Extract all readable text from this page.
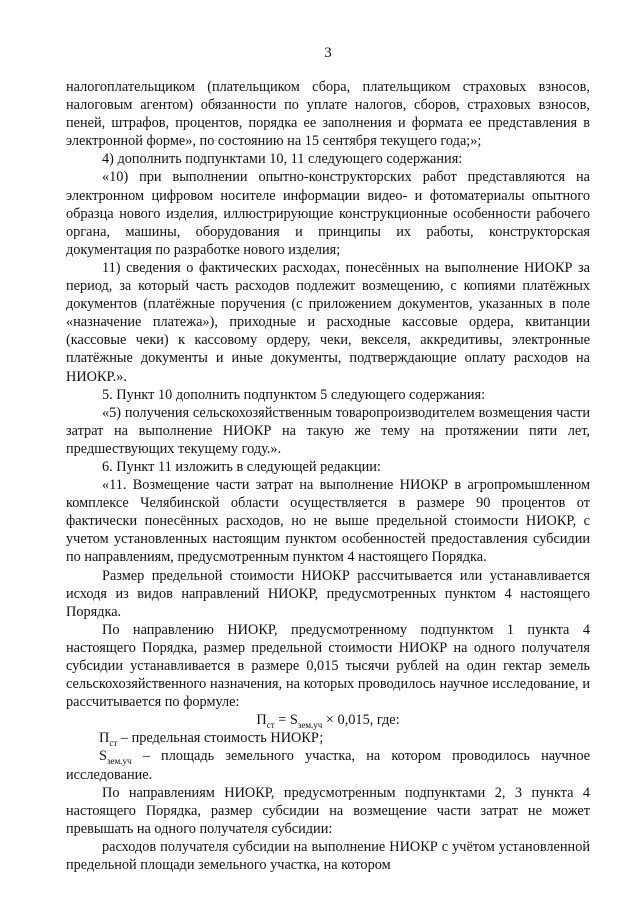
3

налогоплательщиком (плательщиком сбора, плательщиком страховых взносов, налоговым агентом) обязанности по уплате налогов, сборов, страховых взносов, пеней, штрафов, процентов, порядка ее заполнения и формата ее представления в электронной форме», по состоянию на 15 сентября текущего года;»;

4) дополнить подпунктами 10, 11 следующего содержания:

«10) при выполнении опытно-конструкторских работ представляются на электронном цифровом носителе информации видео- и фотоматериалы опытного образца нового изделия, иллюстрирующие конструкционные особенности рабочего органа, машины, оборудования и принципы их работы, конструкторская документация по разработке нового изделия;

11) сведения о фактических расходах, понесённых на выполнение НИОКР за период, за который часть расходов подлежит возмещению, с копиями платёжных документов (платёжные поручения (с приложением документов, указанных в поле «назначение платежа»), приходные и расходные кассовые ордера, квитанции (кассовые чеки) к кассовому ордеру, чеки, векселя, аккредитивы, электронные платёжные документы и иные документы, подтверждающие оплату расходов на НИОКР.».

5. Пункт 10 дополнить подпунктом 5 следующего содержания:

«5) получения сельскохозяйственным товаропроизводителем возмещения части затрат на выполнение НИОКР на такую же тему на протяжении пяти лет, предшествующих текущему году.».

6. Пункт 11 изложить в следующей редакции:

«11. Возмещение части затрат на выполнение НИОКР в агропромышленном комплексе Челябинской области осуществляется в размере 90 процентов от фактически понесённых расходов, но не выше предельной стоимости НИОКР, с учетом установленных настоящим пунктом особенностей предоставления субсидии по направлениям, предусмотренным пунктом 4 настоящего Порядка.

Размер предельной стоимости НИОКР рассчитывается или устанавливается исходя из видов направлений НИОКР, предусмотренных пунктом 4 настоящего Порядка.

По направлению НИОКР, предусмотренному подпунктом 1 пункта 4 настоящего Порядка, размер предельной стоимости НИОКР на одного получателя субсидии устанавливается в размере 0,015 тысячи рублей на один гектар земель сельскохозяйственного назначения, на которых проводилось научное исследование, и рассчитывается по формуле:

$П_{ст} = S_{зем.уч} \times 0,015$, где:

$П_{ст}$ – предельная стоимость НИОКР;

$S_{зем.уч}$ – площадь земельного участка, на котором проводилось научное исследование.

По направлениям НИОКР, предусмотренным подпунктами 2, 3 пункта 4 настоящего Порядка, размер субсидии на возмещение части затрат не может превышать на одного получателя субсидии:

расходов получателя субсидии на выполнение НИОКР с учётом установленной предельной площади земельного участка, на котором
